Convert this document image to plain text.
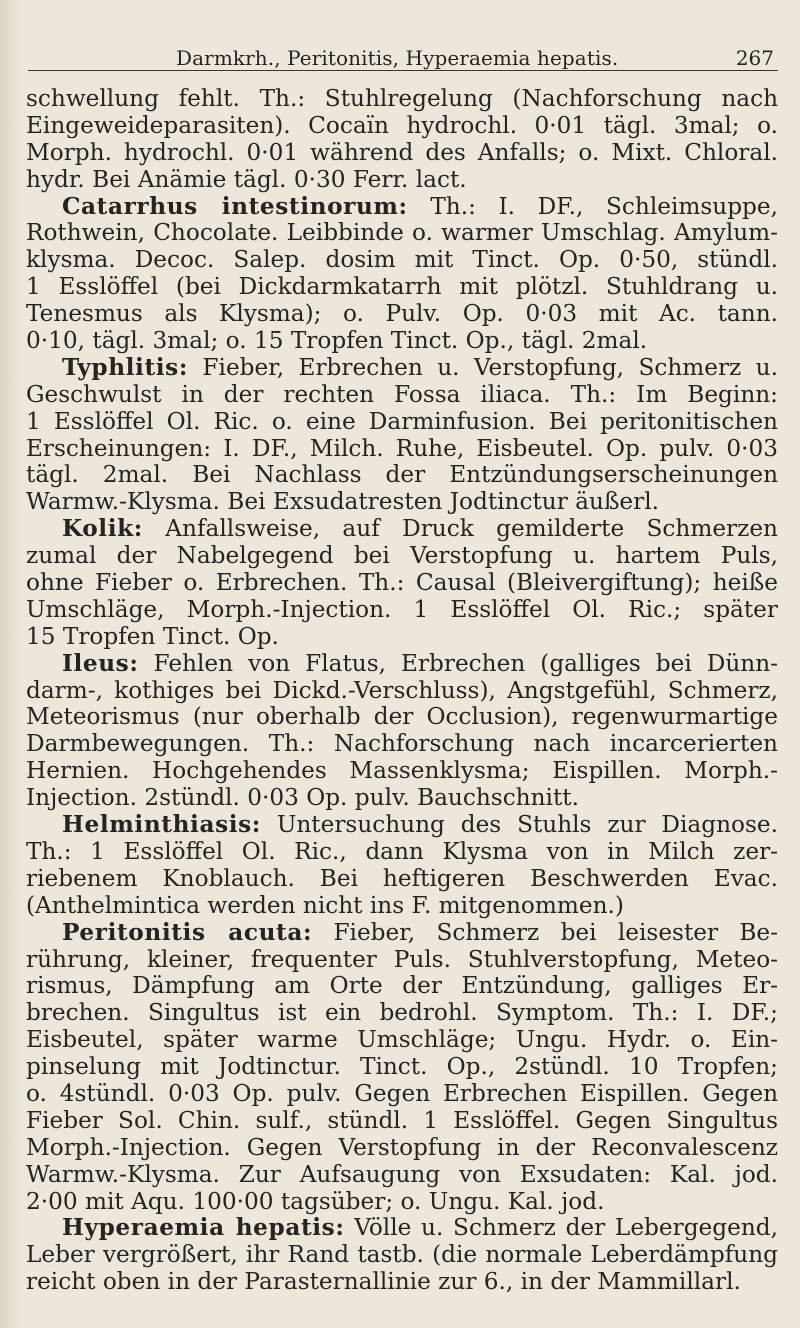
Darmkrh., Peritonitis, Hyperaemia hepatis.	267
schwellung fehlt. Th.: Stuhlregelung (Nachforschung nach
Eingeweideparasiten). Cocaïn hydrochl. 0·01 tägl. 3mal; o.
Morph. hydrochl. 0·01 während des Anfalls; o. Mixt. Chloral.
hydr. Bei Anämie tägl. 0·30 Ferr. lact.
Catarrhus intestinorum: Th.: I. DF., Schleimsuppe,
Rothwein, Chocolate. Leibbinde o. warmer Umschlag. Amylum-
klysma. Decoc. Salep. dosim mit Tinct. Op. 0·50, stündl.
1 Esslöffel (bei Dickdarmkatarrh mit plötzl. Stuhldrang u.
Tenesmus als Klysma); o. Pulv. Op. 0·03 mit Ac. tann.
0·10, tägl. 3mal; o. 15 Tropfen Tinct. Op., tägl. 2mal.
Typhlitis: Fieber, Erbrechen u. Verstopfung, Schmerz u.
Geschwulst in der rechten Fossa iliaca. Th.: Im Beginn:
1 Esslöffel Ol. Ric. o. eine Darminfusion. Bei peritonitischen
Erscheinungen: I. DF., Milch. Ruhe, Eisbeutel. Op. pulv. 0·03
tägl. 2mal. Bei Nachlass der Entzündungserscheinungen
Warmw.-Klysma. Bei Exsudatresten Jodtinctur äußerl.
Kolik: Anfallsweise, auf Druck gemilderte Schmerzen
zumal der Nabelgegend bei Verstopfung u. hartem Puls,
ohne Fieber o. Erbrechen. Th.: Causal (Bleivergiftung); heiße
Umschläge, Morph.-Injection. 1 Esslöffel Ol. Ric.; später
15 Tropfen Tinct. Op.
Ileus: Fehlen von Flatus, Erbrechen (galliges bei Dünn-
darm-, kothiges bei Dickd.-Verschluss), Angstgefühl, Schmerz,
Meteorismus (nur oberhalb der Occlusion), regenwurmartige
Darmbewegungen. Th.: Nachforschung nach incarcerierten
Hernien. Hochgehendes Massenklysma; Eispillen. Morph.-
Injection. 2stündl. 0·03 Op. pulv. Bauchschnitt.
Helminthiasis: Untersuchung des Stuhls zur Diagnose.
Th.: 1 Esslöffel Ol. Ric., dann Klysma von in Milch zer-
riebenem Knoblauch. Bei heftigeren Beschwerden Evac.
(Anthelmintica werden nicht ins F. mitgenommen.)
Peritonitis acuta: Fieber, Schmerz bei leisester Be-
rührung, kleiner, frequenter Puls. Stuhlverstopfung, Meteo-
rismus, Dämpfung am Orte der Entzündung, galliges Er-
brechen. Singultus ist ein bedrohl. Symptom. Th.: I. DF.;
Eisbeutel, später warme Umschläge; Ungu. Hydr. o. Ein-
pinselung mit Jodtinctur. Tinct. Op., 2stündl. 10 Tropfen;
o. 4stündl. 0·03 Op. pulv. Gegen Erbrechen Eispillen. Gegen
Fieber Sol. Chin. sulf., stündl. 1 Esslöffel. Gegen Singultus
Morph.-Injection. Gegen Verstopfung in der Reconvalescenz
Warmw.-Klysma. Zur Aufsaugung von Exsudaten: Kal. jod.
2·00 mit Aqu. 100·00 tagsüber; o. Ungu. Kal. jod.
Hyperaemia hepatis: Völle u. Schmerz der Lebergegend,
Leber vergrößert, ihr Rand tastb. (die normale Leberdämpfung
reicht oben in der Parasternallinie zur 6., in der Mammillarl.
